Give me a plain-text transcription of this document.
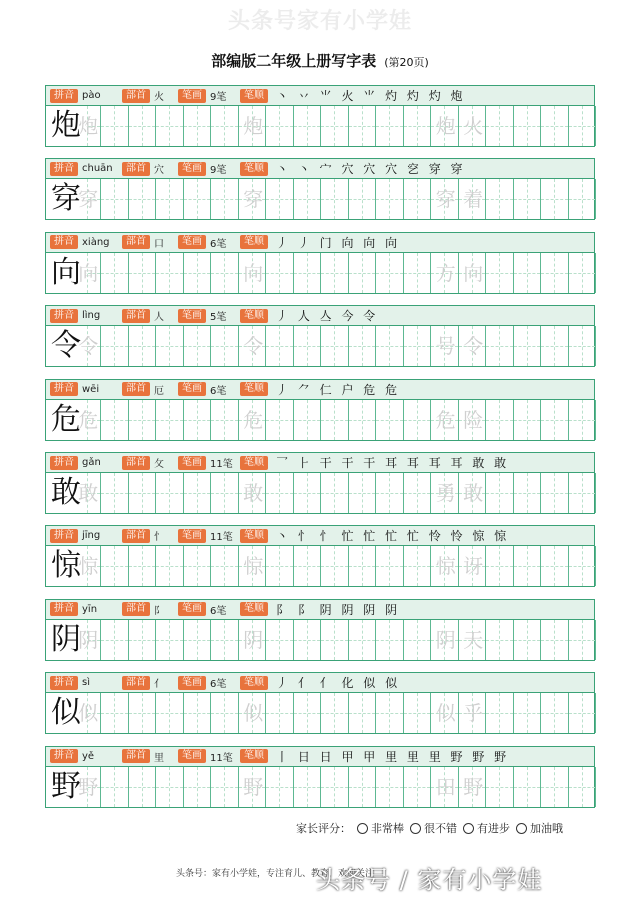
头条号家有小学娃
部编版二年级上册写字表 (第20页)
拼音 pào	部首 火	笔画 9笔	笔顺	丶 丷 ⺌ 火 ⺌ 灼 灼 灼 炮
炮
炮	炮	炮 火
拼音 chuān	部首 穴	笔画 9笔	笔顺	丶 丶 宀 穴 穴 穴 穵 穿 穿
穿
穿	穿	穿 着
拼音 xiàng	部首 口	笔画 6笔	笔顺	丿 丿 门 向 向 向
向
向	向	方 向
拼音 lìng	部首 人	笔画 5笔	笔顺	丿 人 亼 今 令
令
令	令	号 令
拼音 wēi	部首 厄	笔画 6笔	笔顺	丿 ⺈ 仁 户 危 危
危
危	危	危 险
拼音 gǎn	部首 攵	笔画 11笔	笔顺	乛 ⺊ 干 干 干 耳 耳 耳 耳 敢 敢
敢
敢	敢	勇 敢
拼音 jīng	部首 忄	笔画 11笔	笔顺	丶 忄 忄 忙 忙 忙 忙 怜 怜 惊 惊
惊
惊	惊	惊 讶
拼音 yīn	部首 阝	笔画 6笔	笔顺	阝 阝 阴 阴 阴 阴
阴
阴	阴	阴 天
拼音 sì	部首 亻	笔画 6笔	笔顺	丿 亻 亻 化 似 似
似
似	似	似 乎
拼音 yě	部首 里	笔画 11笔	笔顺	丨 日 日 甲 甲 里 里 里 野 野 野
野
野	野	田 野
家长评分： 非常棒 很不错 有进步 加油哦
头条号：家有小学娃，专注育儿、教育，欢迎关注
头条号 / 家有小学娃
